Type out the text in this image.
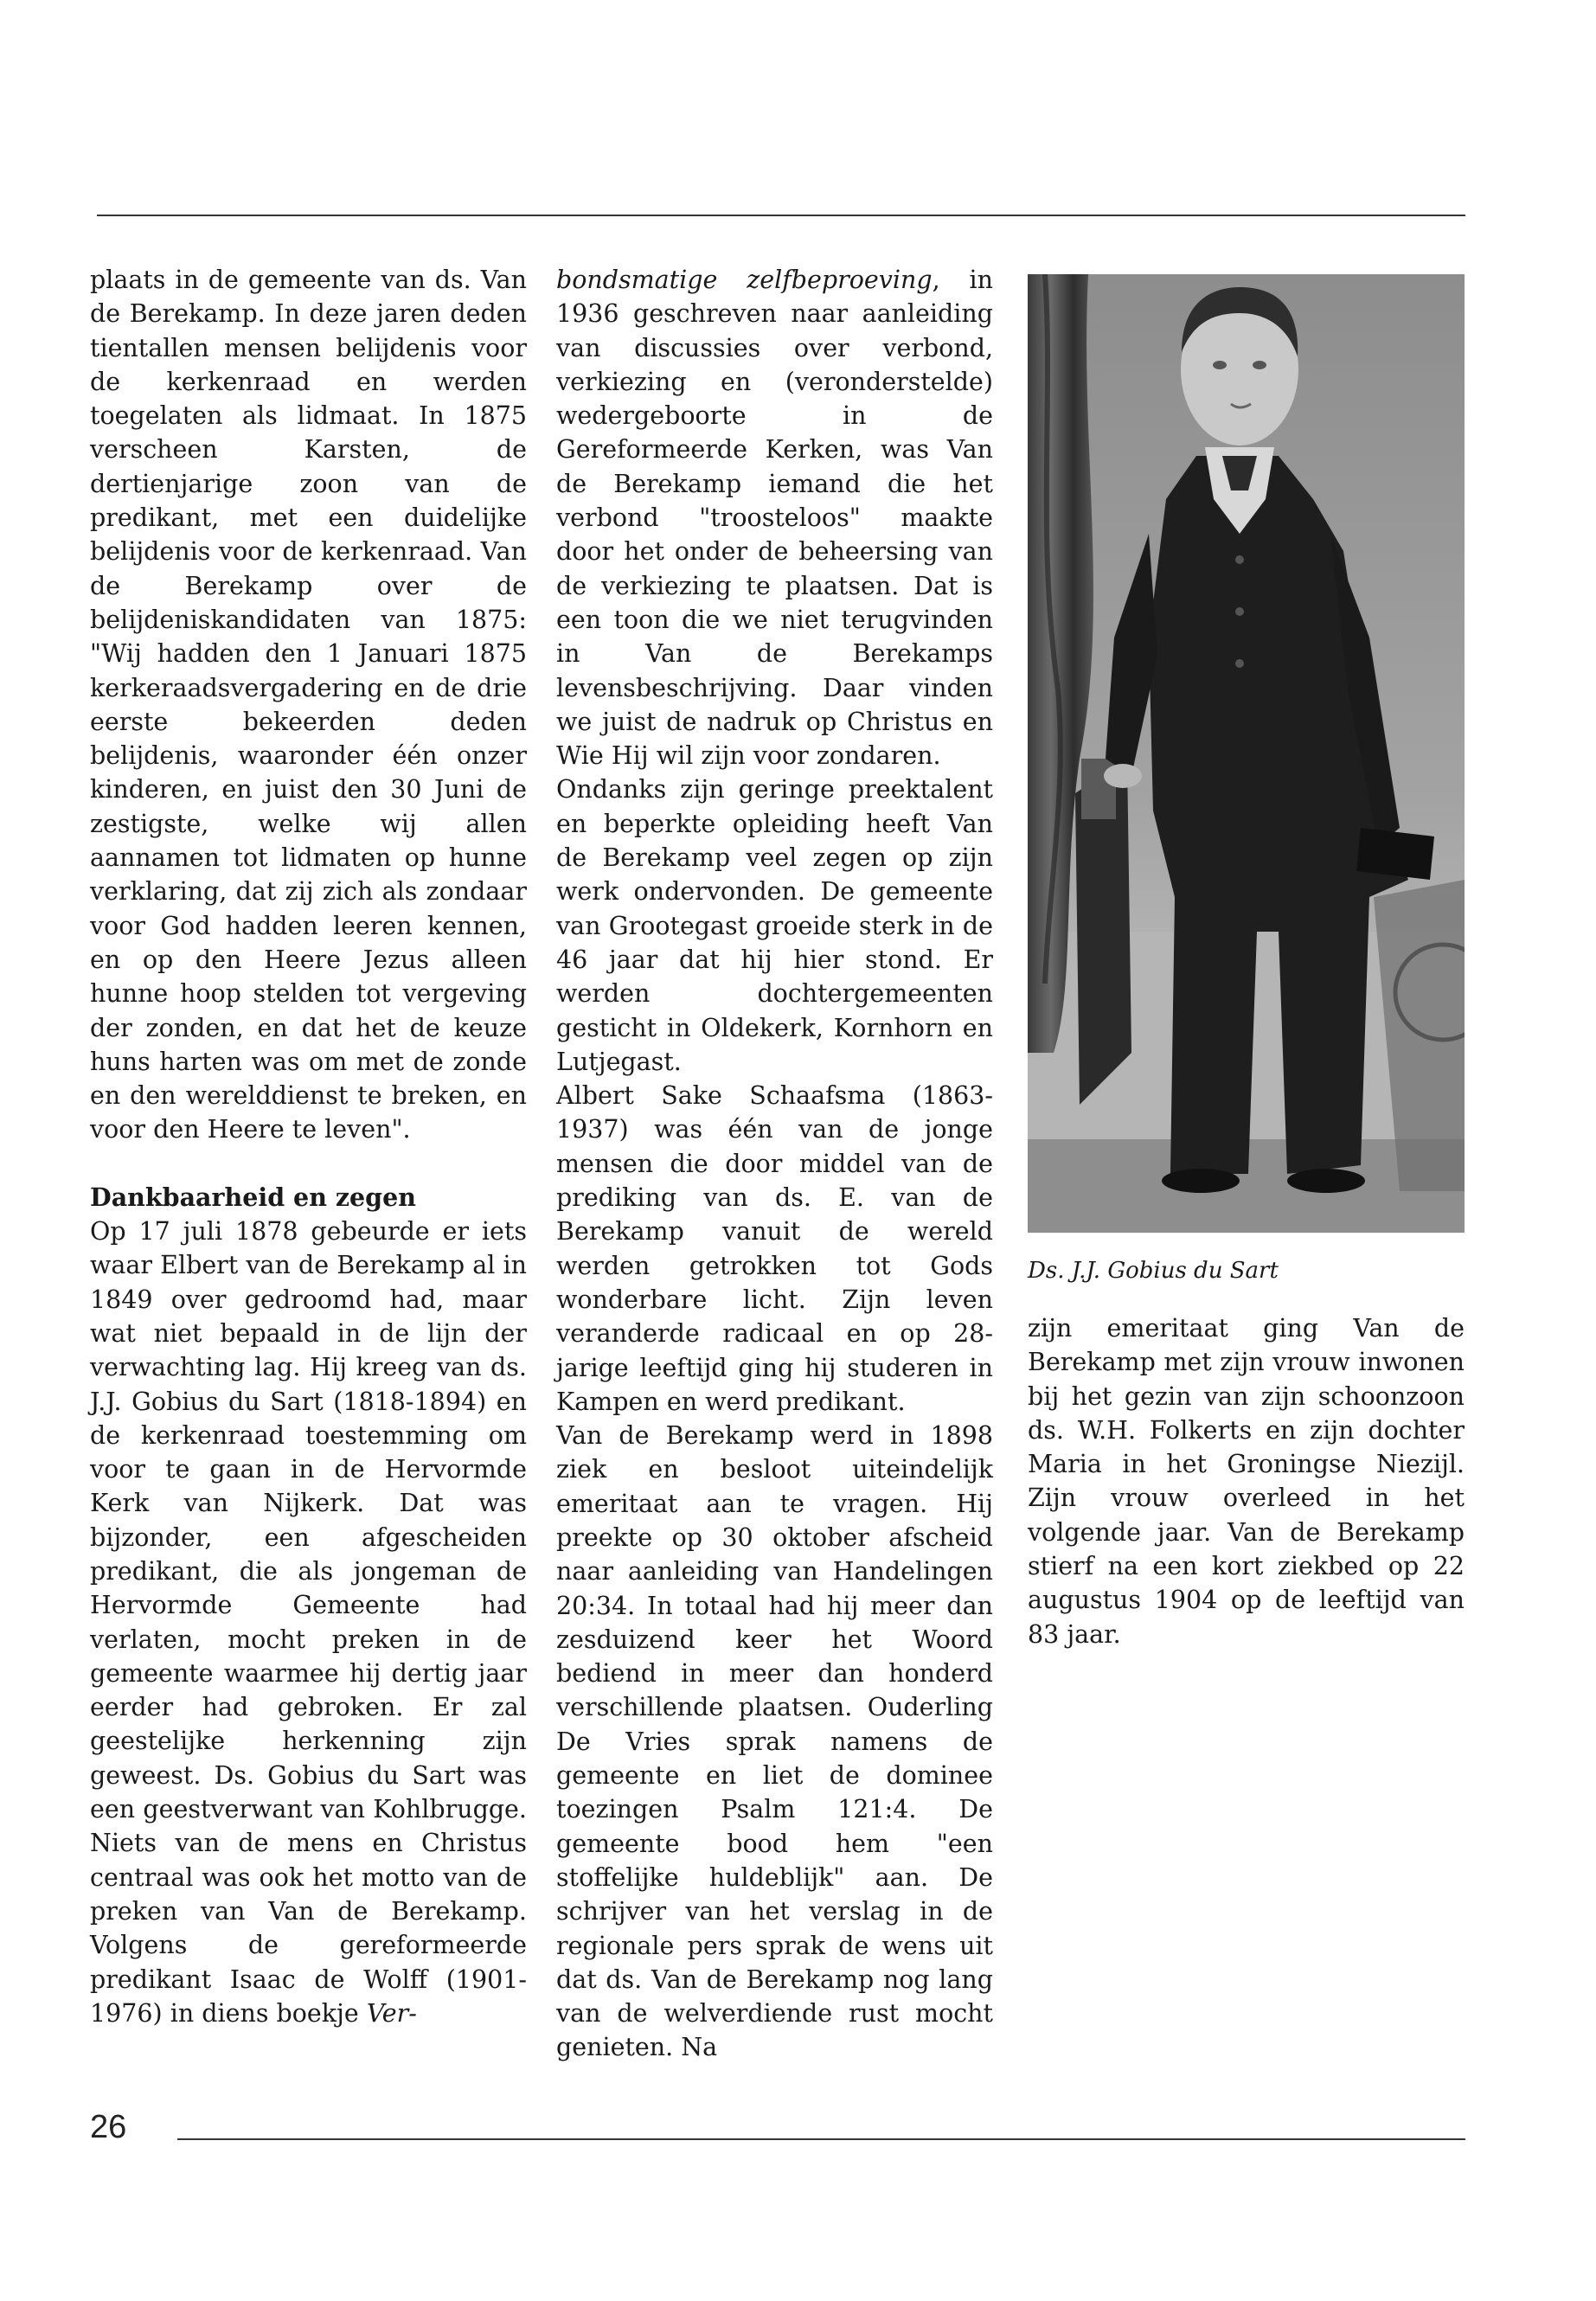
plaats in de gemeente van ds. Van de Berekamp. In deze jaren deden tientallen mensen belijdenis voor de kerkenraad en werden toegelaten als lidmaat. In 1875 verscheen Karsten, de dertienjarige zoon van de predikant, met een duidelijke belijdenis voor de kerkenraad. Van de Berekamp over de belijdeniskandidaten van 1875: "Wij hadden den 1 Januari 1875 kerkeraadsvergadering en de drie eerste bekeerden deden belijdenis, waaronder één onzer kinderen, en juist den 30 Juni de zestigste, welke wij allen aannamen tot lidmaten op hunne verklaring, dat zij zich als zondaar voor God hadden leeren kennen, en op den Heere Jezus alleen hunne hoop stelden tot vergeving der zonden, en dat het de keuze huns harten was om met de zonde en den werelddienst te breken, en voor den Heere te leven".

Dankbaarheid en zegen

Op 17 juli 1878 gebeurde er iets waar Elbert van de Berekamp al in 1849 over gedroomd had, maar wat niet bepaald in de lijn der verwachting lag. Hij kreeg van ds. J.J. Gobius du Sart (1818-1894) en de kerkenraad toestemming om voor te gaan in de Hervormde Kerk van Nijkerk. Dat was bijzonder, een afgescheiden predikant, die als jongeman de Hervormde Gemeente had verlaten, mocht preken in de gemeente waarmee hij dertig jaar eerder had gebroken. Er zal geestelijke herkenning zijn geweest. Ds. Gobius du Sart was een geestverwant van Kohlbrugge. Niets van de mens en Christus centraal was ook het motto van de preken van Van de Berekamp. Volgens de gereformeerde predikant Isaac de Wolff (1901-1976) in diens boekje Ver-

bondsmatige zelfbeproeving, in 1936 geschreven naar aanleiding van discussies over verbond, verkiezing en (veronderstelde) wedergeboorte in de Gereformeerde Kerken, was Van de Berekamp iemand die het verbond "troosteloos" maakte door het onder de beheersing van de verkiezing te plaatsen. Dat is een toon die we niet terugvinden in Van de Berekamps levensbeschrijving. Daar vinden we juist de nadruk op Christus en Wie Hij wil zijn voor zondaren.

Ondanks zijn geringe preektalent en beperkte opleiding heeft Van de Berekamp veel zegen op zijn werk ondervonden. De gemeente van Grootegast groeide sterk in de 46 jaar dat hij hier stond. Er werden dochtergemeenten gesticht in Oldekerk, Kornhorn en Lutjegast.

Albert Sake Schaafsma (1863-1937) was één van de jonge mensen die door middel van de prediking van ds. E. van de Berekamp vanuit de wereld werden getrokken tot Gods wonderbare licht. Zijn leven veranderde radicaal en op 28-jarige leeftijd ging hij studeren in Kampen en werd predikant.

Van de Berekamp werd in 1898 ziek en besloot uiteindelijk emeritaat aan te vragen. Hij preekte op 30 oktober afscheid naar aanleiding van Handelingen 20:34. In totaal had hij meer dan zesduizend keer het Woord bediend in meer dan honderd verschillende plaatsen. Ouderling De Vries sprak namens de gemeente en liet de dominee toezingen Psalm 121:4. De gemeente bood hem "een stoffelijke huldeblijk" aan. De schrijver van het verslag in de regionale pers sprak de wens uit dat ds. Van de Berekamp nog lang van de welverdiende rust mocht genieten. Na

Ds. J.J. Gobius du Sart

zijn emeritaat ging Van de Berekamp met zijn vrouw inwonen bij het gezin van zijn schoonzoon ds. W.H. Folkerts en zijn dochter Maria in het Groningse Niezijl. Zijn vrouw overleed in het volgende jaar. Van de Berekamp stierf na een kort ziekbed op 22 augustus 1904 op de leeftijd van 83 jaar.

26
